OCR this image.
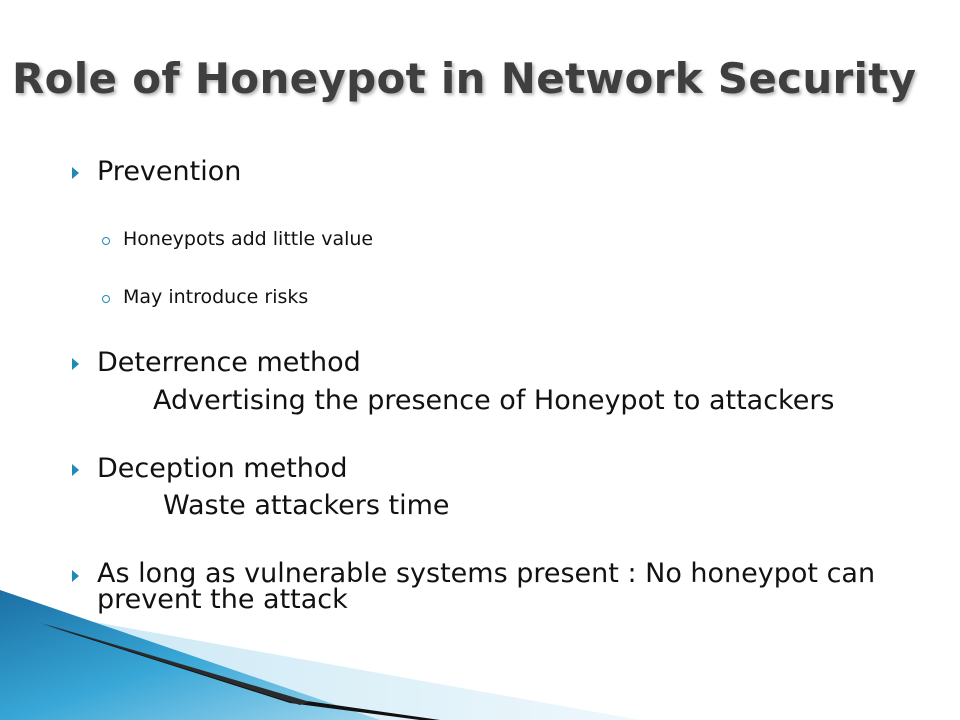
Role of Honeypot in Network Security
Prevention
Honeypots add little value
May introduce risks
Deterrence method
Advertising the presence of Honeypot to attackers
Deception method
Waste attackers time
As long as vulnerable systems present : No honeypot can prevent the attack
